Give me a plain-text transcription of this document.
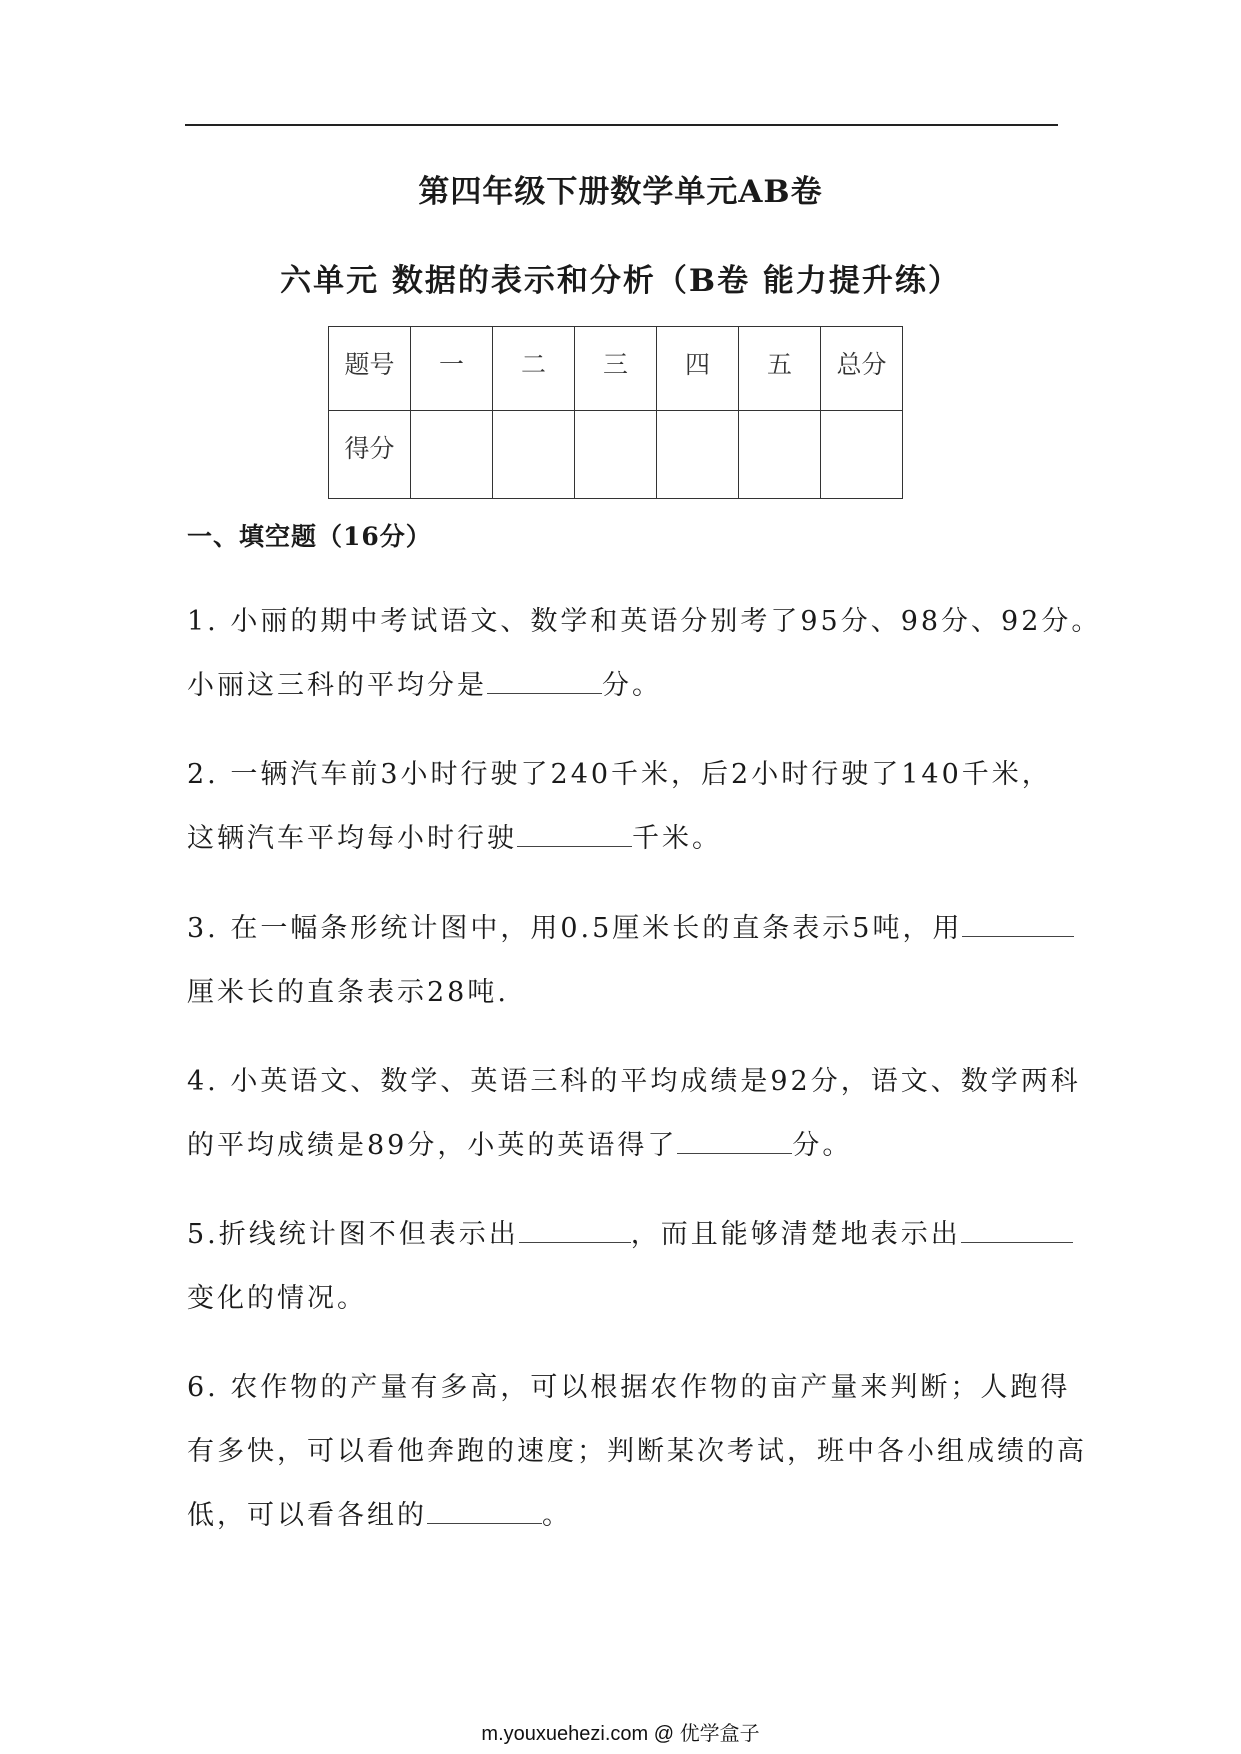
第四年级下册数学单元AB卷
六单元 数据的表示和分析（B卷 能力提升练）
题号	一	二	三	四	五	总分
得分						
一、填空题（16分）
1. 小丽的期中考试语文、数学和英语分别考了95分、98分、92分。
小丽这三科的平均分是	分。
2. 一辆汽车前3小时行驶了240千米，后2小时行驶了140千米，
这辆汽车平均每小时行驶	千米。
3. 在一幅条形统计图中，用0.5厘米长的直条表示5吨，用
厘米长的直条表示28吨.
4. 小英语文、数学、英语三科的平均成绩是92分，语文、数学两科
的平均成绩是89分，小英的英语得了	分。
5.折线统计图不但表示出	，而且能够清楚地表示出
变化的情况。
6. 农作物的产量有多高，可以根据农作物的亩产量来判断；人跑得
有多快，可以看他奔跑的速度；判断某次考试，班中各小组成绩的高
低，可以看各组的	。
m.youxuehezi.com @ 优学盒子
